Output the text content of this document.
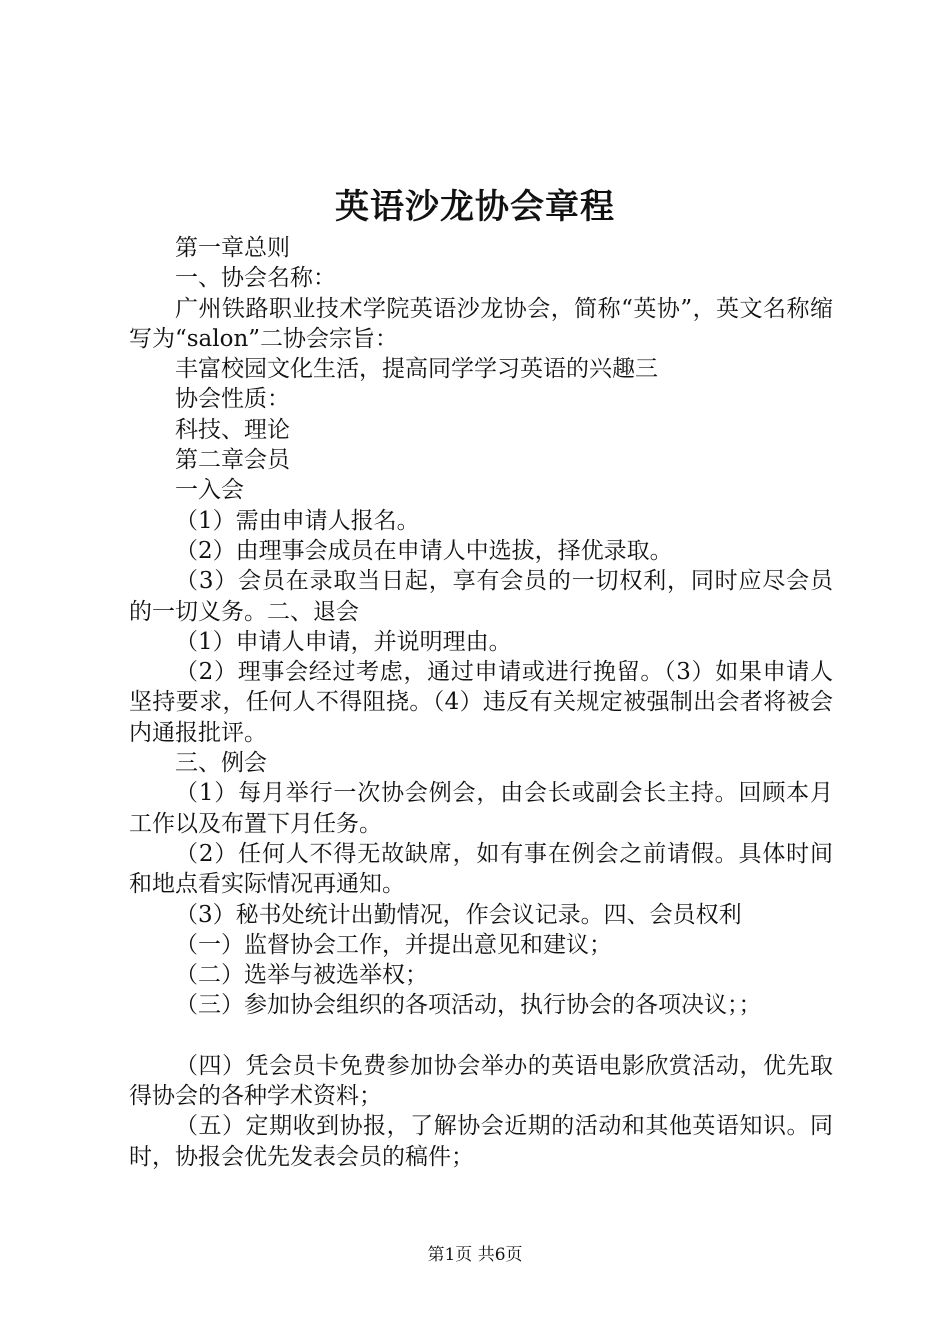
英语沙龙协会章程

第一章总则

一、协会名称：

广州铁路职业技术学院英语沙龙协会，简称“英协”，英文名称缩写为“salon”二协会宗旨：

丰富校园文化生活，提高同学学习英语的兴趣三

协会性质：

科技、理论

第二章会员

一入会

（1）需由申请人报名。

（2）由理事会成员在申请人中选拔，择优录取。

（3）会员在录取当日起，享有会员的一切权利，同时应尽会员的一切义务。二、退会

（1）申请人申请，并说明理由。

（2）理事会经过考虑，通过申请或进行挽留。（3）如果申请人坚持要求，任何人不得阻挠。（4）违反有关规定被强制出会者将被会内通报批评。

三、例会

（1）每月举行一次协会例会，由会长或副会长主持。回顾本月工作以及布置下月任务。

（2）任何人不得无故缺席，如有事在例会之前请假。具体时间和地点看实际情况再通知。

（3）秘书处统计出勤情况，作会议记录。四、会员权利

（一）监督协会工作，并提出意见和建议；

（二）选举与被选举权；

（三）参加协会组织的各项活动，执行协会的各项决议；；

（四）凭会员卡免费参加协会举办的英语电影欣赏活动，优先取得协会的各种学术资料；

（五）定期收到协报，了解协会近期的活动和其他英语知识。同时，协报会优先发表会员的稿件；

第1页 共6页
